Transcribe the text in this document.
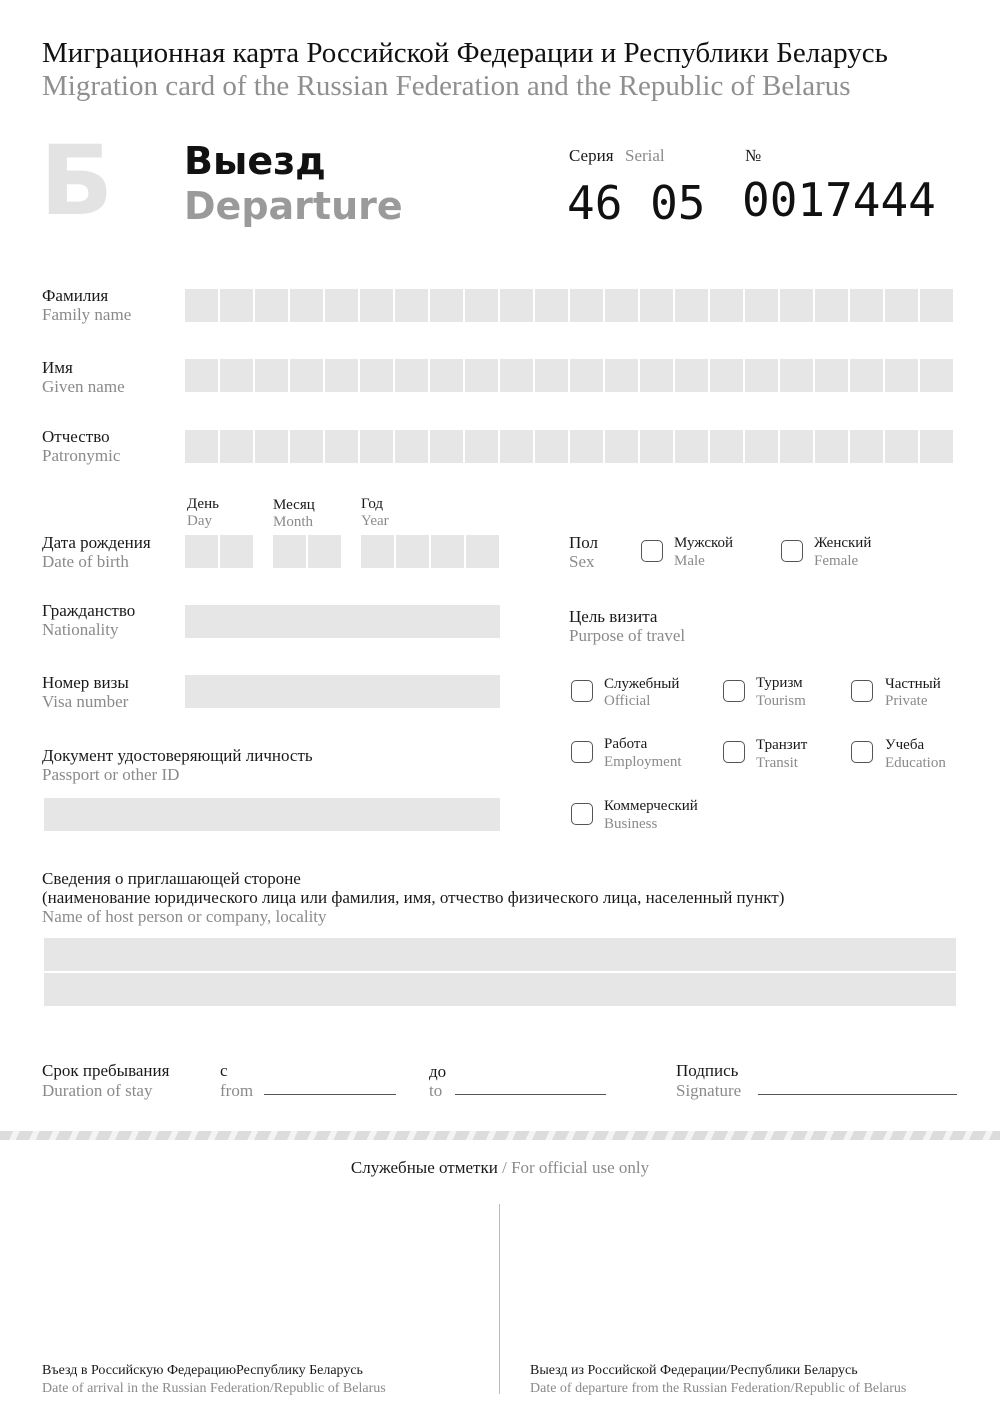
Миграционная карта Российской Федерации и Республики Беларусь
Migration card of the Russian Federation and the Republic of Belarus
Б Выезд
Departure
Серия Serial	№
46 05 0017444
Фамилия
Family name
Имя
Given name
Отчество
Patronymic
День
Day
Месяц
Month
Год
Year
Дата рождения
Date of birth
Пол
Sex
Мужской
Male
Женский
Female
Гражданство
Nationality
Цель визита
Purpose of travel
Номер визы
Visa number
Служебный
Official
Туризм
Tourism
Частный
Private
Документ удостоверяющий личность
Passport or other ID
Работа
Employment
Транзит
Transit
Учеба
Education
Коммерческий
Business
Сведения о приглашающей стороне
(наименование юридического лица или фамилия, имя, отчество физического лица, населенный пункт)
Name of host person or company, locality
Срок пребывания
Duration of stay
с
from
до
to
Подпись
Signature
Служебные отметки / For official use only
Въезд в Российскую ФедерациюРеспублику Беларусь
Date of arrival in the Russian Federation/Republic of Belarus
Выезд из Российской Федерации/Республики Беларусь
Date of departure from the Russian Federation/Republic of Belarus
